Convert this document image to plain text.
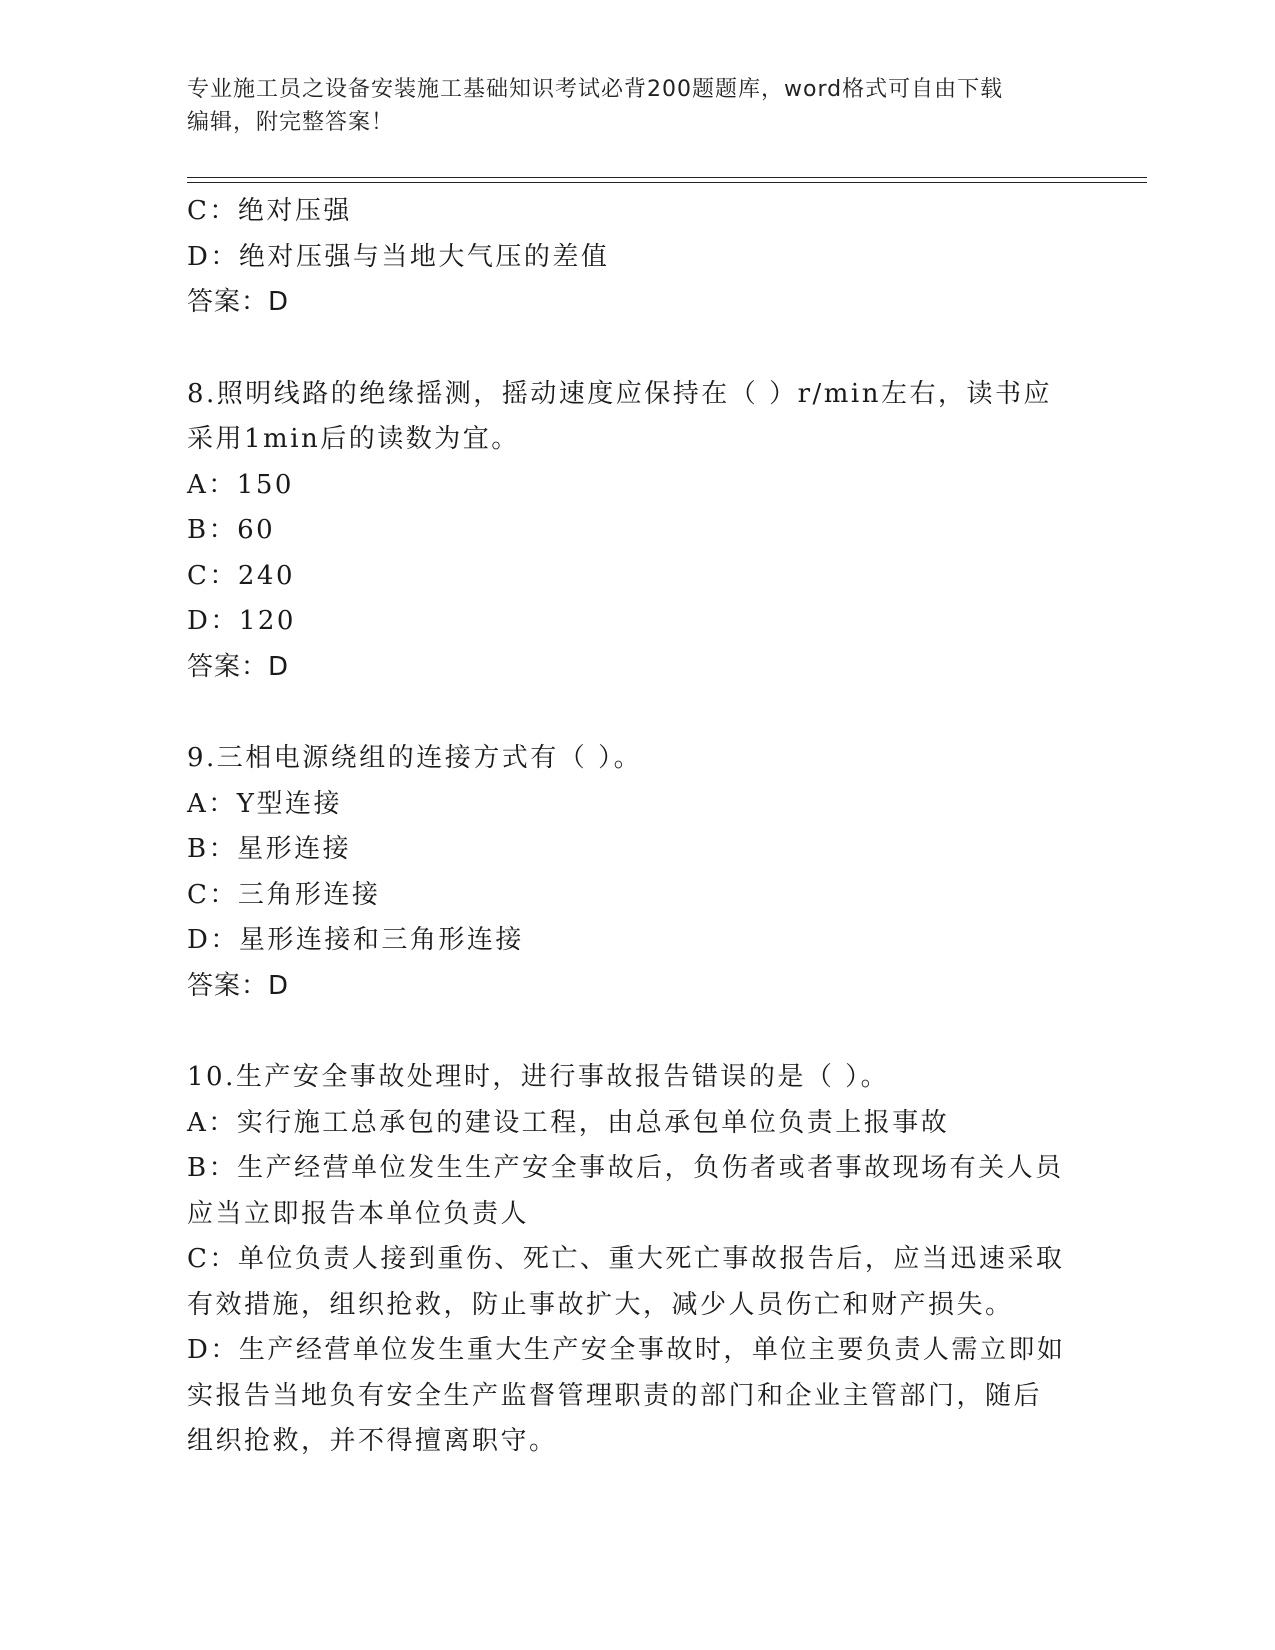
专业施工员之设备安装施工基础知识考试必背200题题库，word格式可自由下载
编辑，附完整答案！
C：绝对压强
D：绝对压强与当地大气压的差值
答案：D
8.照明线路的绝缘摇测，摇动速度应保持在（ ）r/min左右，读书应
采用1min后的读数为宜。
A：150
B：60
C：240
D：120
答案：D
9.三相电源绕组的连接方式有（ ）。
A：Y型连接
B：星形连接
C：三角形连接
D：星形连接和三角形连接
答案：D
10.生产安全事故处理时，进行事故报告错误的是（ ）。
A：实行施工总承包的建设工程，由总承包单位负责上报事故
B：生产经营单位发生生产安全事故后，负伤者或者事故现场有关人员
应当立即报告本单位负责人
C：单位负责人接到重伤、死亡、重大死亡事故报告后，应当迅速采取
有效措施，组织抢救，防止事故扩大，减少人员伤亡和财产损失。
D：生产经营单位发生重大生产安全事故时，单位主要负责人需立即如
实报告当地负有安全生产监督管理职责的部门和企业主管部门，随后
组织抢救，并不得擅离职守。
